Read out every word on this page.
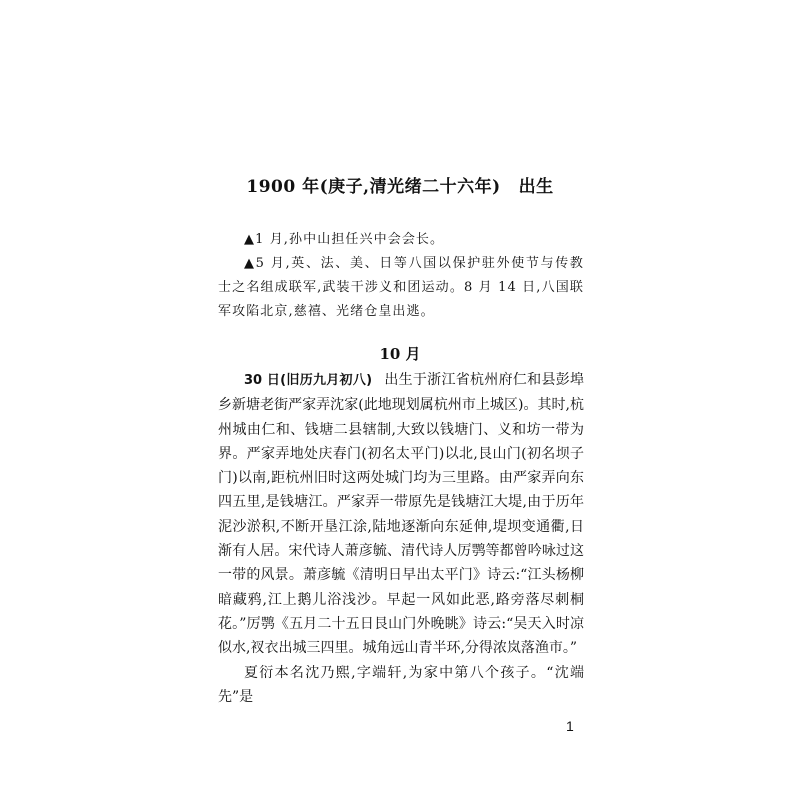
1900 年(庚子,清光绪二十六年) 出生
▲1 月,孙中山担任兴中会会长。
▲5 月,英、法、美、日等八国以保护驻外使节与传教士之名组成联军,武装干涉义和团运动。8 月 14 日,八国联军攻陷北京,慈禧、光绪仓皇出逃。
10 月

30 日(旧历九月初八) 出生于浙江省杭州府仁和县彭埠乡新塘老街严家弄沈家(此地现划属杭州市上城区)。其时,杭州城由仁和、钱塘二县辖制,大致以钱塘门、义和坊一带为界。严家弄地处庆春门(初名太平门)以北,艮山门(初名坝子门)以南,距杭州旧时这两处城门均为三里路。由严家弄向东四五里,是钱塘江。严家弄一带原先是钱塘江大堤,由于历年泥沙淤积,不断开垦江涂,陆地逐渐向东延伸,堤坝变通衢,日渐有人居。宋代诗人萧彦毓、清代诗人厉鹗等都曾吟咏过这一带的风景。萧彦毓《清明日早出太平门》诗云:“江头杨柳暗藏鸦,江上鹅儿浴浅沙。早起一风如此恶,路旁落尽刺桐花。”厉鹗《五月二十五日艮山门外晚眺》诗云:“吴天入时凉似水,衩衣出城三四里。城角远山青半环,分得浓岚落渔市。”

夏衍本名沈乃熙,字端轩,为家中第八个孩子。“沈端先”是

1
